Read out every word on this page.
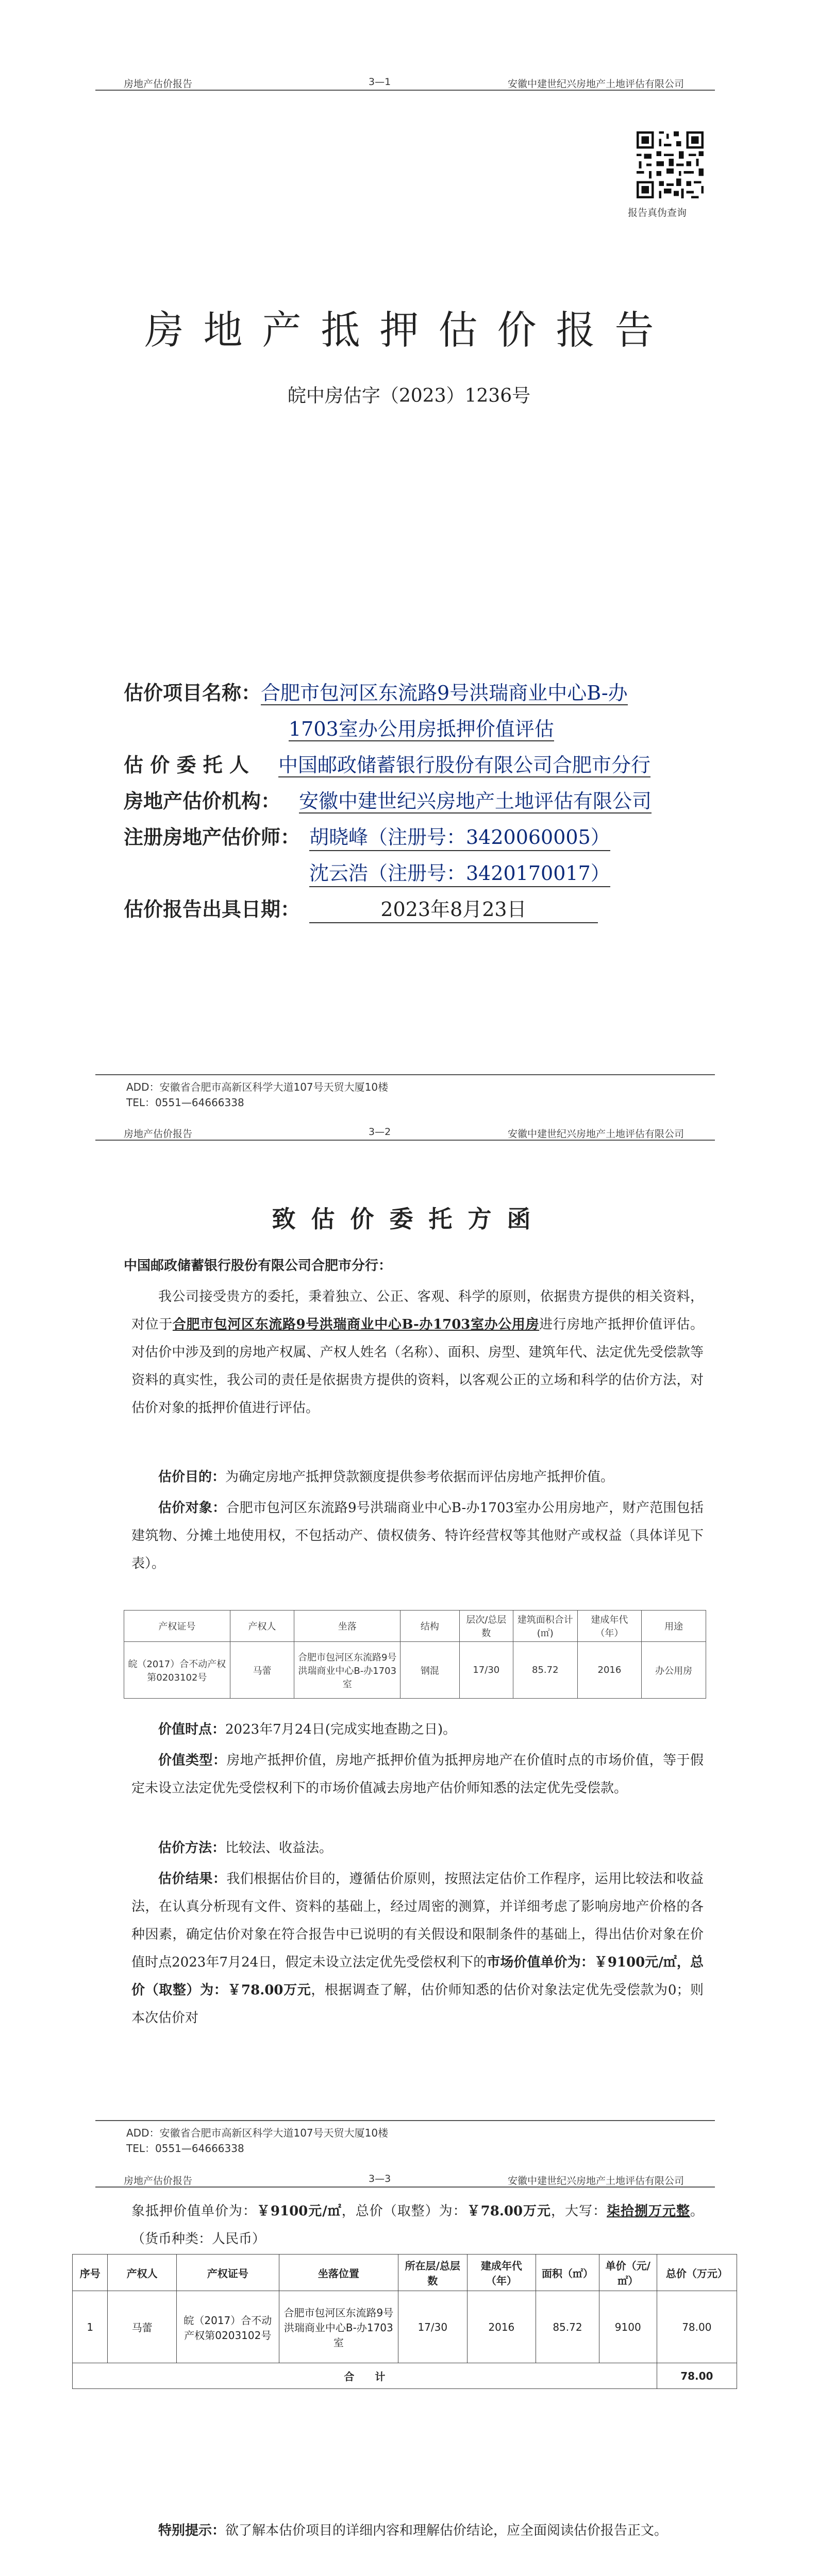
房地产估价报告	3—1	安徽中建世纪兴房地产土地评估有限公司
报告真伪查询
房地产抵押估价报告
皖中房估字（2023）1236号
估价项目名称：合肥市包河区东流路9号洪瑞商业中心B-办
1703室办公用房抵押价值评估
估 价 委 托 人 中国邮政储蓄银行股份有限公司合肥市分行
房地产估价机构： 安徽中建世纪兴房地产土地评估有限公司
注册房地产估价师： 胡晓峰（注册号：3420060005）
沈云浩（注册号：3420170017）
估价报告出具日期：	2023年8月23日
ADD：安徽省合肥市高新区科学大道107号天贸大厦10楼
TEL：0551—64666338
房地产估价报告	3—2	安徽中建世纪兴房地产土地评估有限公司
致估价委托方函
中国邮政储蓄银行股份有限公司合肥市分行：
我公司接受贵方的委托，秉着独立、公正、客观、科学的原则，依据贵方提供的相关资料，对位于合肥市包河区东流路9号洪瑞商业中心B-办1703室办公用房进行房地产抵押价值评估。对估价中涉及到的房地产权属、产权人姓名（名称）、面积、房型、建筑年代、法定优先受偿款等资料的真实性，我公司的责任是依据贵方提供的资料，以客观公正的立场和科学的估价方法，对估价对象的抵押价值进行评估。
估价目的：为确定房地产抵押贷款额度提供参考依据而评估房地产抵押价值。
估价对象：合肥市包河区东流路9号洪瑞商业中心B-办1703室办公用房地产，财产范围包括建筑物、分摊土地使用权，不包括动产、债权债务、特许经营权等其他财产或权益（具体详见下表）。
产权证号	产权人	坐落	结构	层次/总层数	建筑面积合计(㎡)	建成年代（年）	用途
皖（2017）合不动产权第0203102号	马蕾	合肥市包河区东流路9号洪瑞商业中心B-办1703室	钢混	17/30	85.72	2016	办公用房
价值时点：2023年7月24日(完成实地查勘之日)。
价值类型：房地产抵押价值，房地产抵押价值为抵押房地产在价值时点的市场价值，等于假定未设立法定优先受偿权利下的市场价值减去房地产估价师知悉的法定优先受偿款。
估价方法：比较法、收益法。
估价结果：我们根据估价目的，遵循估价原则，按照法定估价工作程序，运用比较法和收益法，在认真分析现有文件、资料的基础上，经过周密的测算，并详细考虑了影响房地产价格的各种因素，确定估价对象在符合报告中已说明的有关假设和限制条件的基础上，得出估价对象在价值时点2023年7月24日，假定未设立法定优先受偿权利下的市场价值单价为：￥9100元/㎡，总价（取整）为：￥78.00万元，根据调查了解，估价师知悉的估价对象法定优先受偿款为0；则本次估价对
ADD：安徽省合肥市高新区科学大道107号天贸大厦10楼
TEL：0551—64666338
房地产估价报告	3—3	安徽中建世纪兴房地产土地评估有限公司
象抵押价值单价为：￥9100元/㎡，总价（取整）为：￥78.00万元，大写：柒拾捌万元整。（货币种类：人民币）
序号	产权人	产权证号	坐落位置	所在层/总层数	建成年代（年）	面积（㎡）	单价（元/㎡）	总价（万元）
1	马蕾	皖（2017）合不动产权第0203102号	合肥市包河区东流路9号洪瑞商业中心B-办1703室	17/30	2016	85.72	9100	78.00
合　　计								78.00
特别提示：欲了解本估价项目的详细内容和理解估价结论，应全面阅读估价报告正文。
